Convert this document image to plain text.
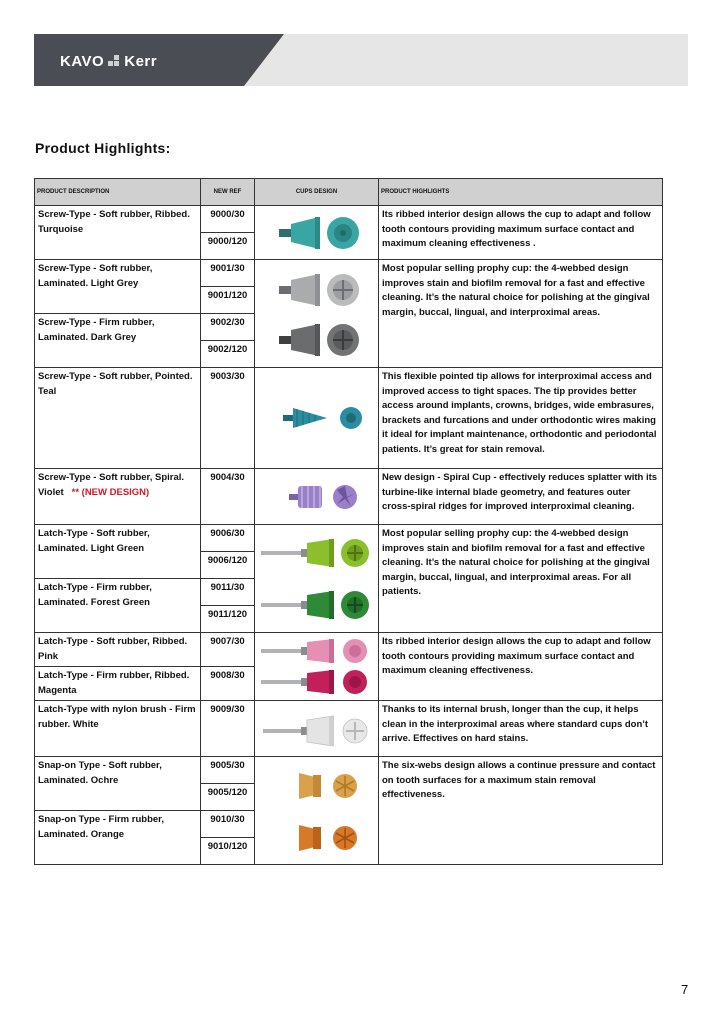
KAVO Kerr
Product Highlights:
PRODUCT DESCRIPTION	NEW REF	CUPS DESIGN	PRODUCT HIGHLIGHTS
Screw-Type - Soft rubber, Ribbed. Turquoise	9000/30		Its ribbed interior design allows the cup to adapt and follow tooth contours providing maximum surface contact and maximum cleaning effectiveness .
	9000/120		
Screw-Type - Soft rubber, Laminated. Light Grey	9001/30		Most popular selling prophy cup: the 4-webbed design improves stain and biofilm removal for a fast and effective cleaning. It’s the natural choice for polishing at the gingival margin, buccal, lingual, and interproximal areas.
	9001/120		
Screw-Type - Firm rubber, Laminated. Dark Grey	9002/30		
	9002/120		
Screw-Type - Soft rubber, Pointed. Teal	9003/30		This flexible pointed tip allows for interproximal access and improved access to tight spaces. The tip provides better access around implants, crowns, bridges, wide embrasures, brackets and furcations and under orthodontic wires making it ideal for implant maintenance, orthodontic and periodontal patients. It’s great for stain removal.
Screw-Type - Soft rubber, Spiral. Violet ** (NEW DESIGN)	9004/30		New design - Spiral Cup - effectively reduces splatter with its turbine-like internal blade geometry, and features outer cross-spiral ridges for improved interproximal cleaning.
Latch-Type - Soft rubber, Laminated. Light Green	9006/30		Most popular selling prophy cup: the 4-webbed design improves stain and biofilm removal for a fast and effective cleaning. It’s the natural choice for polishing at the gingival margin, buccal, lingual, and interproximal areas. For all patients.
	9006/120		
Latch-Type - Firm rubber, Laminated. Forest Green	9011/30		
	9011/120		
Latch-Type - Soft rubber, Ribbed. Pink	9007/30		Its ribbed interior design allows the cup to adapt and follow tooth contours providing maximum surface contact and maximum cleaning effectiveness.
Latch-Type - Firm rubber, Ribbed. Magenta	9008/30		
Latch-Type with nylon brush - Firm rubber. White	9009/30		Thanks to its internal brush, longer than the cup, it helps clean in the interproximal areas where standard cups don’t arrive. Effectives on hard stains.
Snap-on Type - Soft rubber, Laminated. Ochre	9005/30		The six-webs design allows a continue pressure and contact on tooth surfaces for a maximum stain removal effectiveness.
	9005/120		
Snap-on Type - Firm rubber, Laminated. Orange	9010/30		
	9010/120		
7
